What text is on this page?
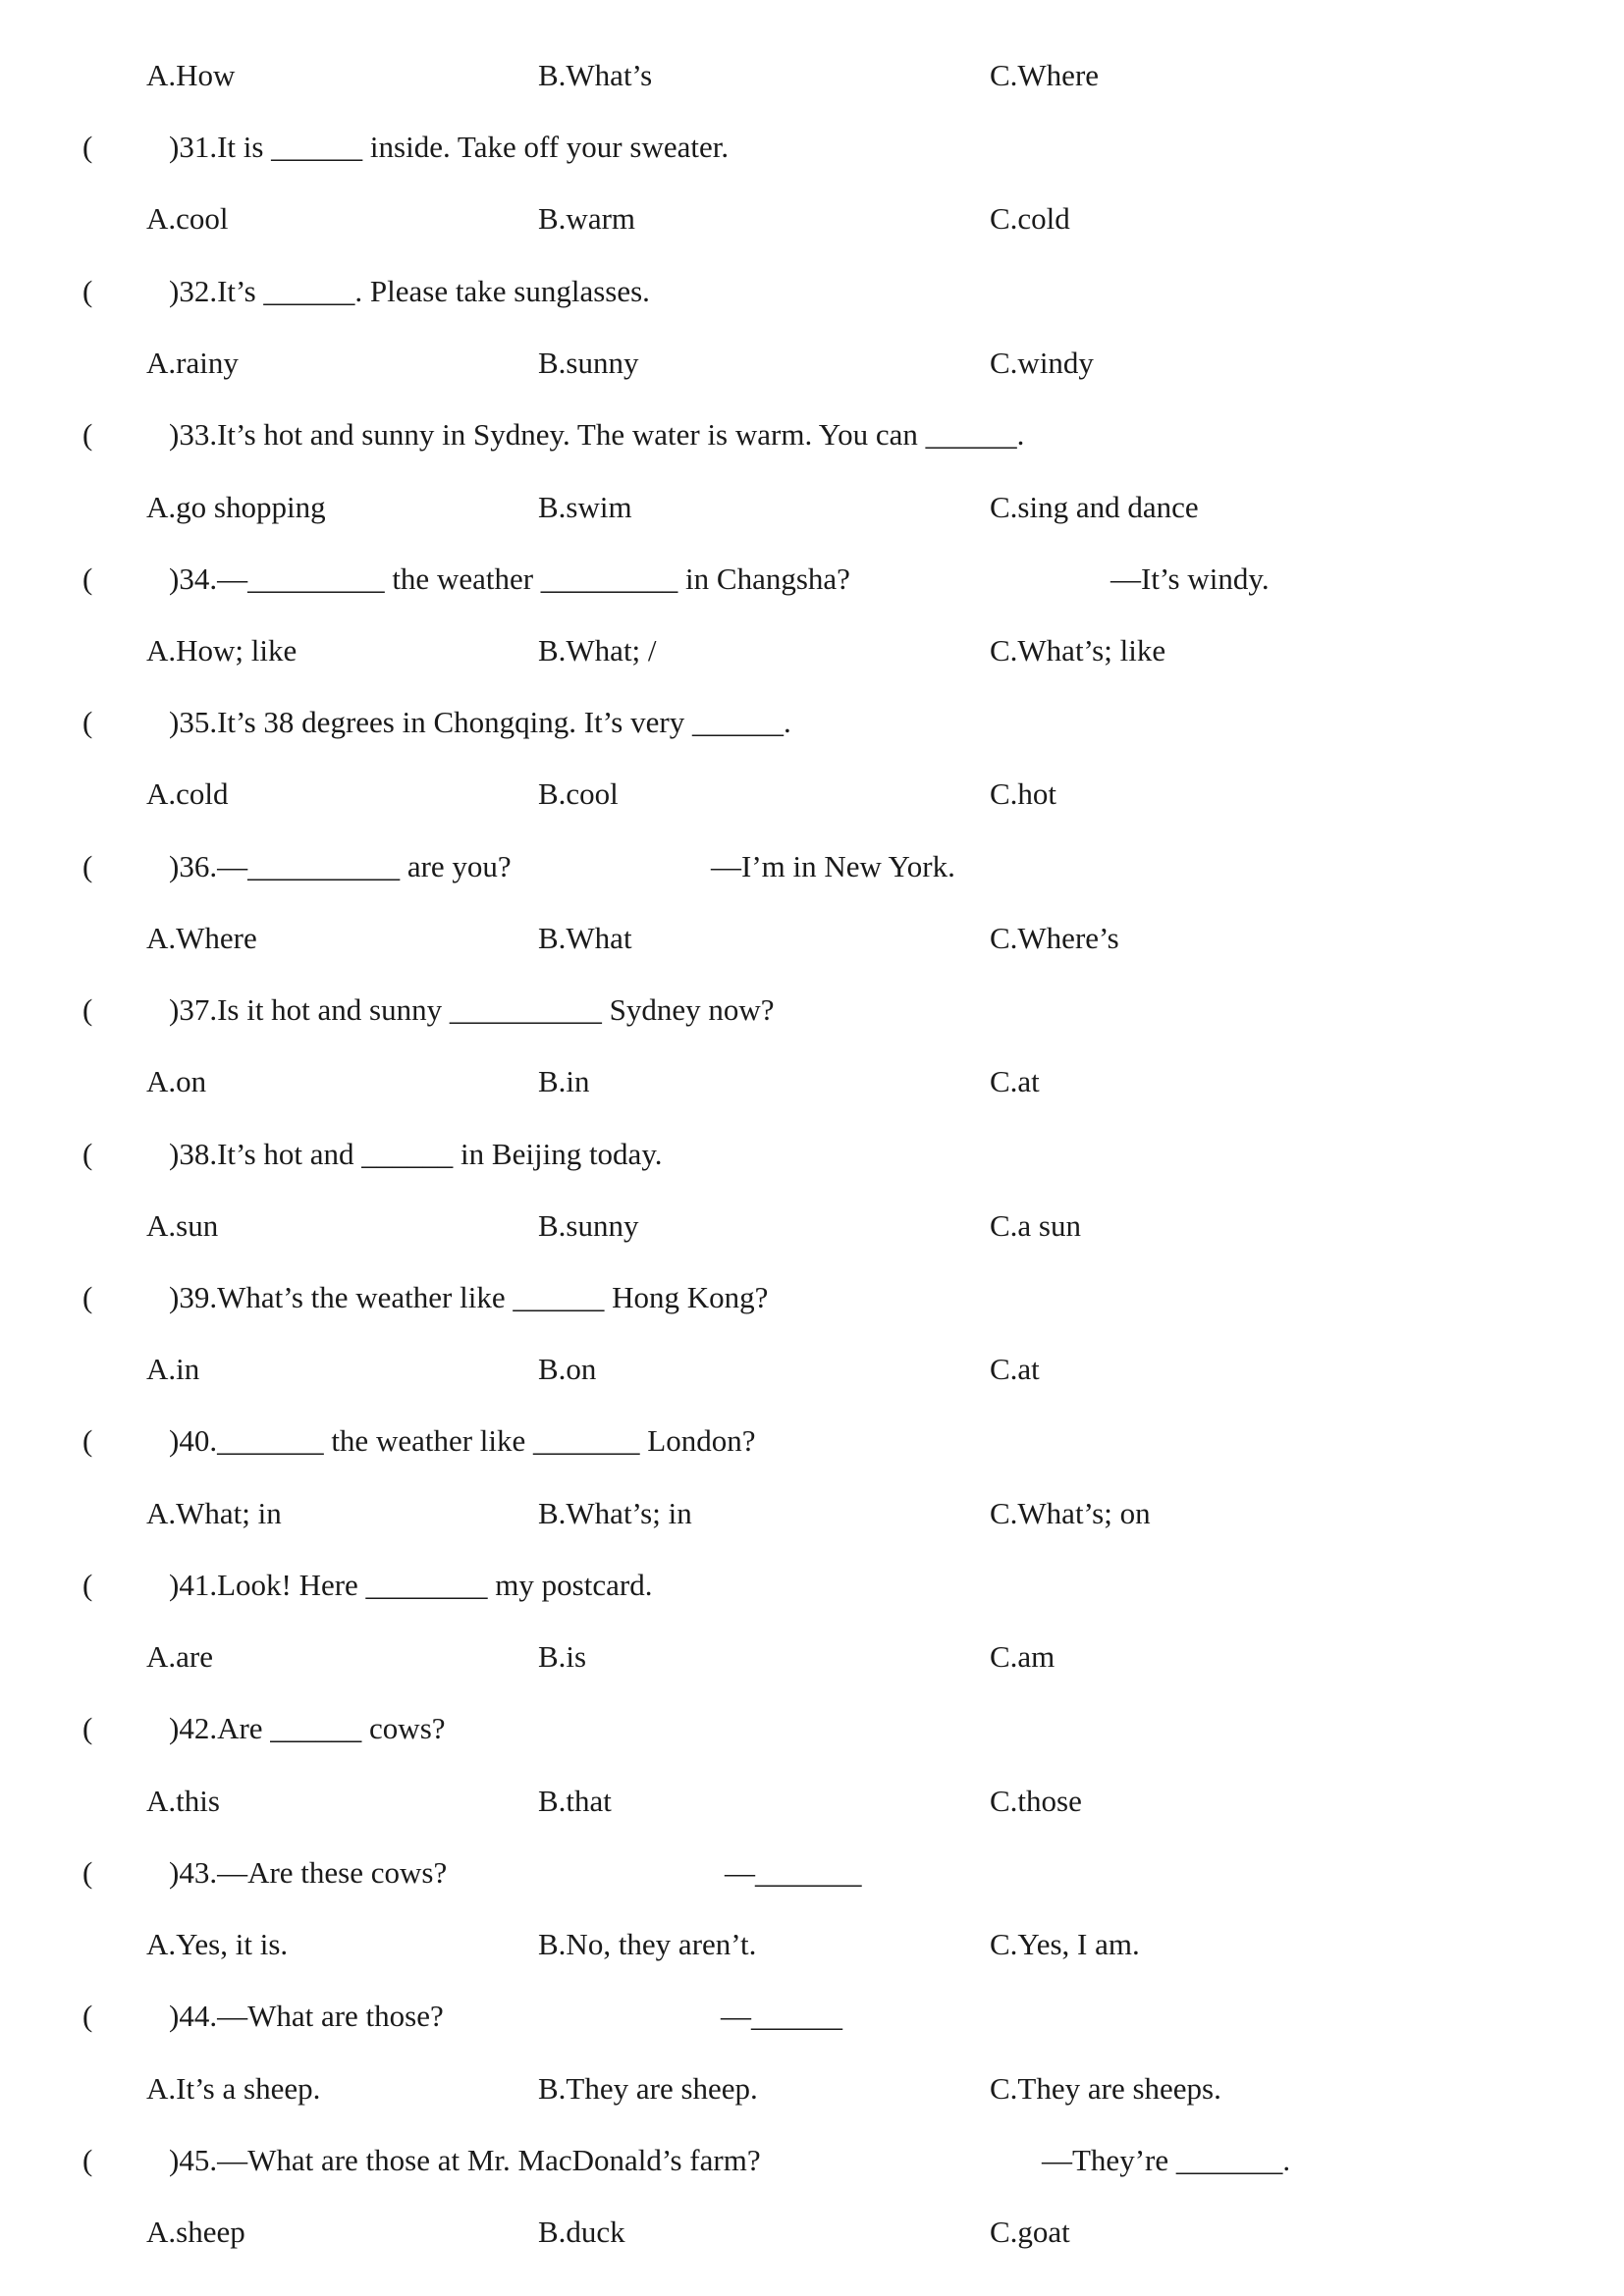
A.How	B.What’s	C.Where
(	)31.It is ______ inside. Take off your sweater.
A.cool	B.warm	C.cold
(	)32.It’s ______. Please take sunglasses.
A.rainy	B.sunny	C.windy
(	)33.It’s hot and sunny in Sydney. The water is warm. You can ______.
A.go shopping	B.swim	C.sing and dance
(	)34.—_________ the weather _________ in Changsha?	—It’s windy.
A.How; like	B.What; /	C.What’s; like
(	)35.It’s 38 degrees in Chongqing. It’s very ______.
A.cold	B.cool	C.hot
(	)36.—__________ are you?	—I’m in New York.
A.Where	B.What	C.Where’s
(	)37.Is it hot and sunny __________ Sydney now?
A.on	B.in	C.at
(	)38.It’s hot and ______ in Beijing today.
A.sun	B.sunny	C.a sun
(	)39.What’s the weather like ______ Hong Kong?
A.in	B.on	C.at
(	)40._______ the weather like _______ London?
A.What; in	B.What’s; in	C.What’s; on
(	)41.Look! Here ________ my postcard.
A.are	B.is	C.am
(	)42.Are ______ cows?
A.this	B.that	C.those
(	)43.—Are these cows?	—_______
A.Yes, it is.	B.No, they aren’t.	C.Yes, I am.
(	)44.—What are those?	—______
A.It’s a sheep.	B.They are sheep.	C.They are sheeps.
(	)45.—What are those at Mr. MacDonald’s farm?	—They’re _______.
A.sheep	B.duck	C.goat
